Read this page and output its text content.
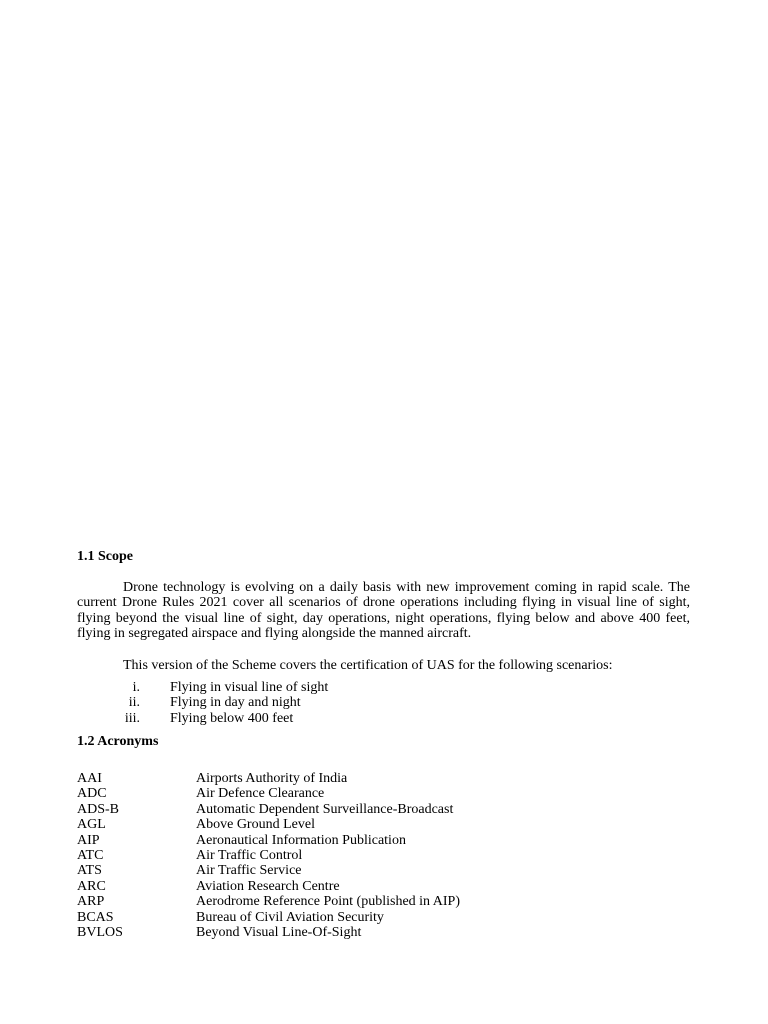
1.1 Scope

Drone technology is evolving on a daily basis with new improvement coming in rapid scale. The current Drone Rules 2021 cover all scenarios of drone operations including flying in visual line of sight, flying beyond the visual line of sight, day operations, night operations, flying below and above 400 feet, flying in segregated airspace and flying alongside the manned aircraft.

This version of the Scheme covers the certification of UAS for the following scenarios:

i. Flying in visual line of sight
ii. Flying in day and night
iii. Flying below 400 feet
1.2 Acronyms
AAI	Airports Authority of India
ADC	Air Defence Clearance
ADS-B	Automatic Dependent Surveillance-Broadcast
AGL	Above Ground Level
AIP	Aeronautical Information Publication
ATC	Air Traffic Control
ATS	Air Traffic Service
ARC	Aviation Research Centre
ARP	Aerodrome Reference Point (published in AIP)
BCAS	Bureau of Civil Aviation Security
BVLOS	Beyond Visual Line-Of-Sight
